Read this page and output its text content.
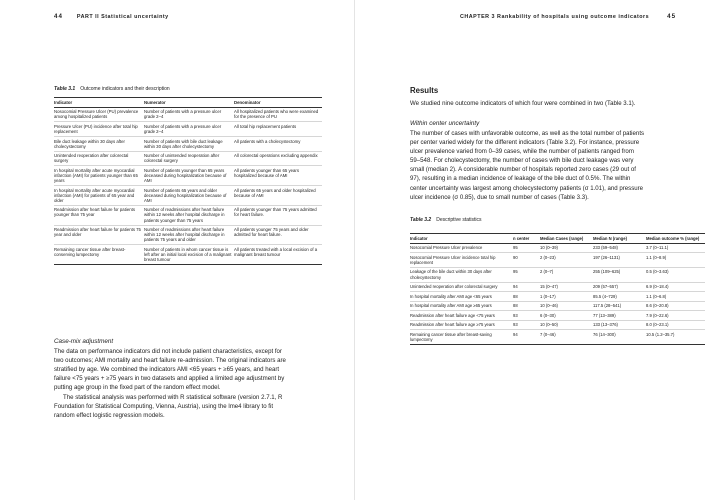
44	PART II Statistical uncertainty
Table 3.1 Outcome indicators and their description
Indicator	Numerator	Denominator
Nosocomial Pressure Ulcer (PU) prevalence among hospitalized patients	Number of patients with a pressure ulcer grade 2–4	All hospitalized patients who were examined for the presence of PU
Pressure Ulcer (PU) incidence after total hip replacement	Number of patients with a pressure ulcer grade 2–4	All total hip replacement patients
Bile duct leakage within 30 days after cholecystectomy	Number of patients with bile duct leakage within 30 days after cholecystectomy	All patients with a cholecystectomy
Unintended reoperation after colorectal surgery	Number of unintended reoperation after colorectal surgery	All colorectal operations excluding appendix
In hospital mortality after acute myocardial infarction (AMI) for patients younger than 65 years	Number of patients younger than 65 years deceased during hospitalization because of AMI	All patients younger than 65 years hospitalized because of AMI
In hospital mortality after acute myocardial infarction (AMI) for patients of 65 year and older	Number of patients 65 years and older deceased during hospitalization because of AMI	All patients 65 years and older hospitalized because of AMI
Readmission after heart failure for patients younger than 75 year	Number of readmissions after heart failure within 12 weeks after hospital discharge in patients younger than 75 years	All patients younger than 75 years admitted for heart failure.
Readmission after heart failure for patients 75 year and older	Number of readmissions after heart failure within 12 weeks after hospital discharge in patients 75 years and older	All patients younger 75 years and older admitted for heart failure.
Remaining cancer tissue after breast-conserving lumpectomy	Number of patients in whom cancer tissue is left after an initial local excision of a malignant breast tumour	All patients treated with a local excision of a malignant breast tumour
Case-mix adjustment
The data on performance indicators did not include patient characteristics, except for
two outcomes; AMI mortality and heart failure re-admission. The original indicators are
stratified by age. We combined the indicators AMI <65 years + ≥65 years, and heart
failure <75 years + ≥75 years in two datasets and applied a limited age adjustment by
putting age group in the fixed part of the random effect model.
The statistical analysis was performed with R statistical software (version 2.7.1, R
Foundation for Statistical Computing, Vienna, Austria), using the lme4 library to fit
random effect logistic regression models.
CHAPTER 3 Rankability of hospitals using outcome indicators	45
Results
We studied nine outcome indicators of which four were combined in two (Table 3.1).
Within center uncertainty
The number of cases with unfavorable outcome, as well as the total number of patients
per center varied widely for the different indicators (Table 3.2). For instance, pressure
ulcer prevalence varied from 0–39 cases, while the number of patients ranged from
59–548. For cholecystectomy, the number of cases with bile duct leakage was very
small (median 2). A considerable number of hospitals reported zero cases (29 out of
97), resulting in a median incidence of leakage of the bile duct of 0.5%. The within
center uncertainty was largest among cholecystectomy patients (σ 1.01), and pressure
ulcer incidence (σ 0.85), due to small number of cases (Table 3.3).
Table 3.2 Descriptive statistics
Indicator	n center	Median Cases (range)	Median N (range)	Median outcome % (range)
Nosocomial Pressure Ulcer prevalence	95	10 (0–39)	233 (59–548)	3.7 (0–11.1)
Nosocomial Pressure Ulcer incidence total hip replacement	90	2 (0–23)	197 (26–1131)	1.1 (0–8.9)
Leakage of the bile duct within 30 days after cholecystectomy	95	2 (0–7)	255 (109–625)	0.5 (0–3.63)
Unintended reoperation after colorectal surgery	94	15 (0–47)	209 (57–557)	6.9 (0–18.4)
In hospital mortality after AMI age <65 years	88	1 (0–17)	85.5 (4–729)	1.1 (0–6.8)
In hospital mortality after AMI age ≥65 years	88	10 (0–46)	117.5 (28–541)	8.6 (0–20.8)
Readmission after heart failure age <75 years	93	6 (0–30)	77 (13–389)	7.9 (0–22.6)
Readmission after heart failure age ≥75 years	93	10 (0–50)	133 (13–376)	8.0 (0–23.1)
Remaining cancer tissue after breast-saving lumpectomy	94	7 (0–46)	76 (14–300)	10.5 (1.2–35.7)
